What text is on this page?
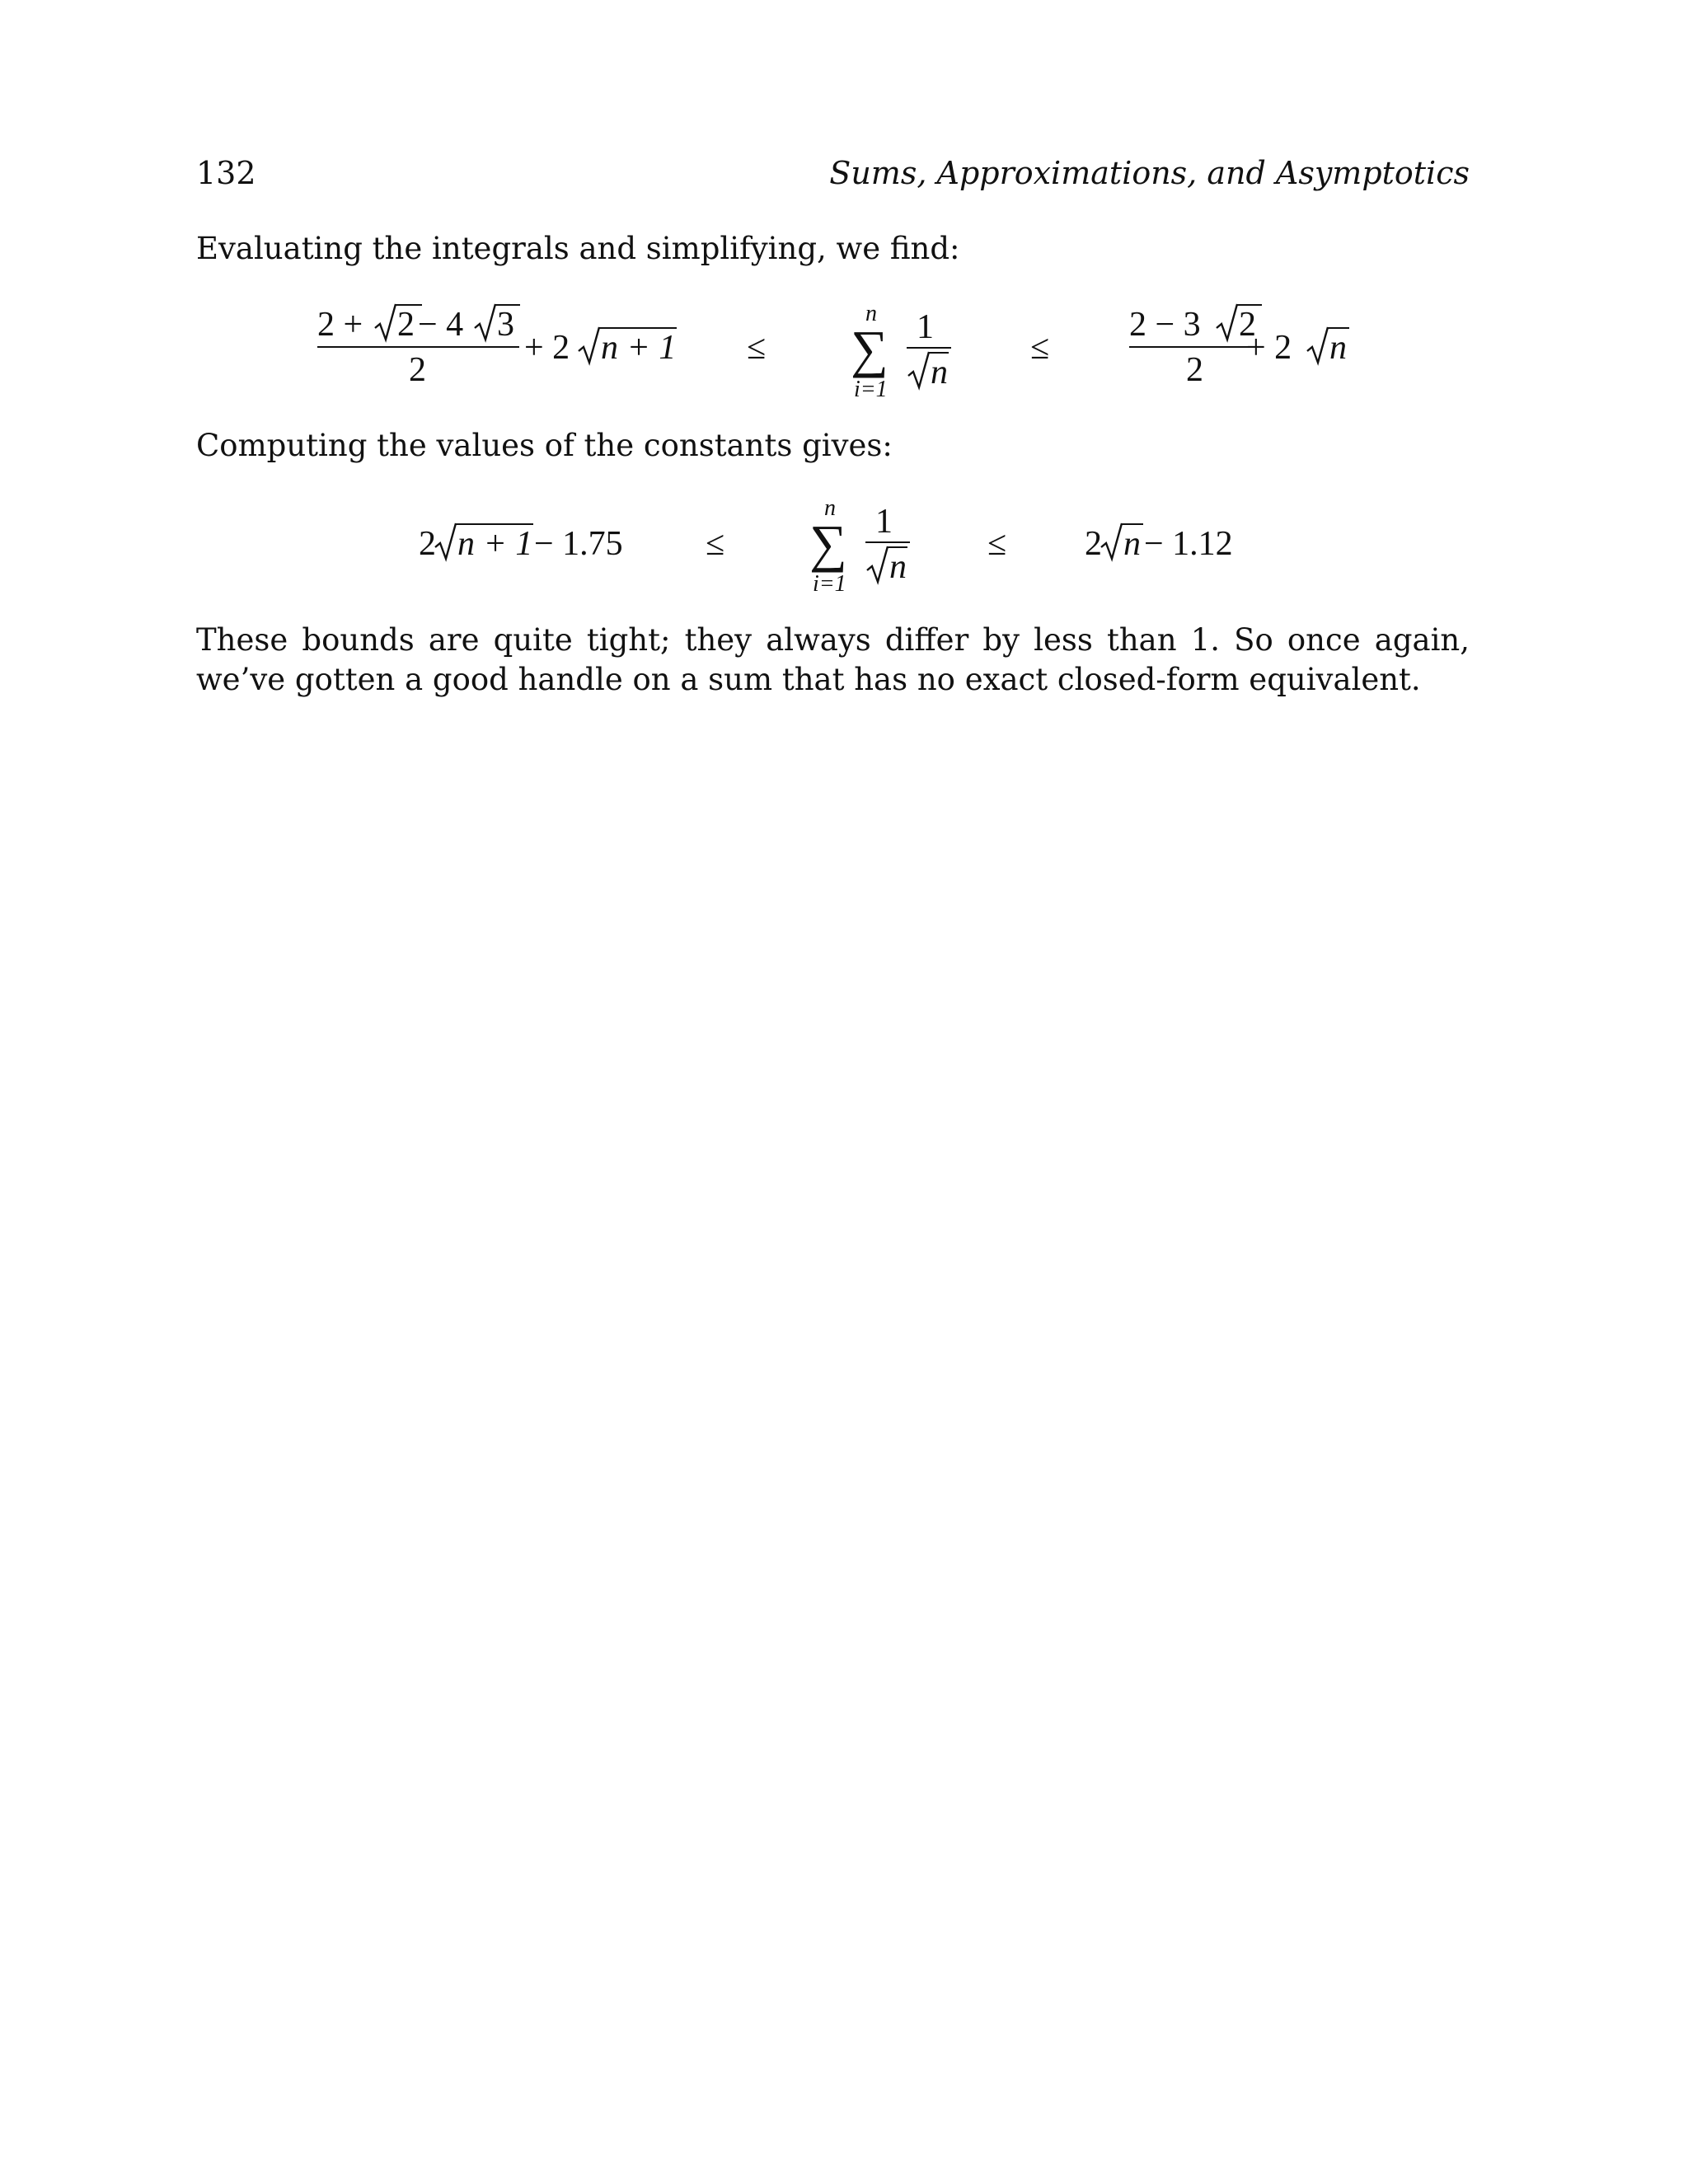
132	Sums, Approximations, and Asymptotics

Evaluating the integrals and simplifying, we find:

2 + 2 − 4 3
2
+ 2 n + 1 ≤
n
∑
i=1
1
n
≤
2 − 3 2
2
+ 2 n

Computing the values of the constants gives:

2 n + 1 − 1.75 ≤
n
∑
i=1
1
n
≤ 2 n − 1.12

These bounds are quite tight; they always differ by less than 1. So once again, we’ve gotten a good handle on a sum that has no exact closed-form equivalent.
